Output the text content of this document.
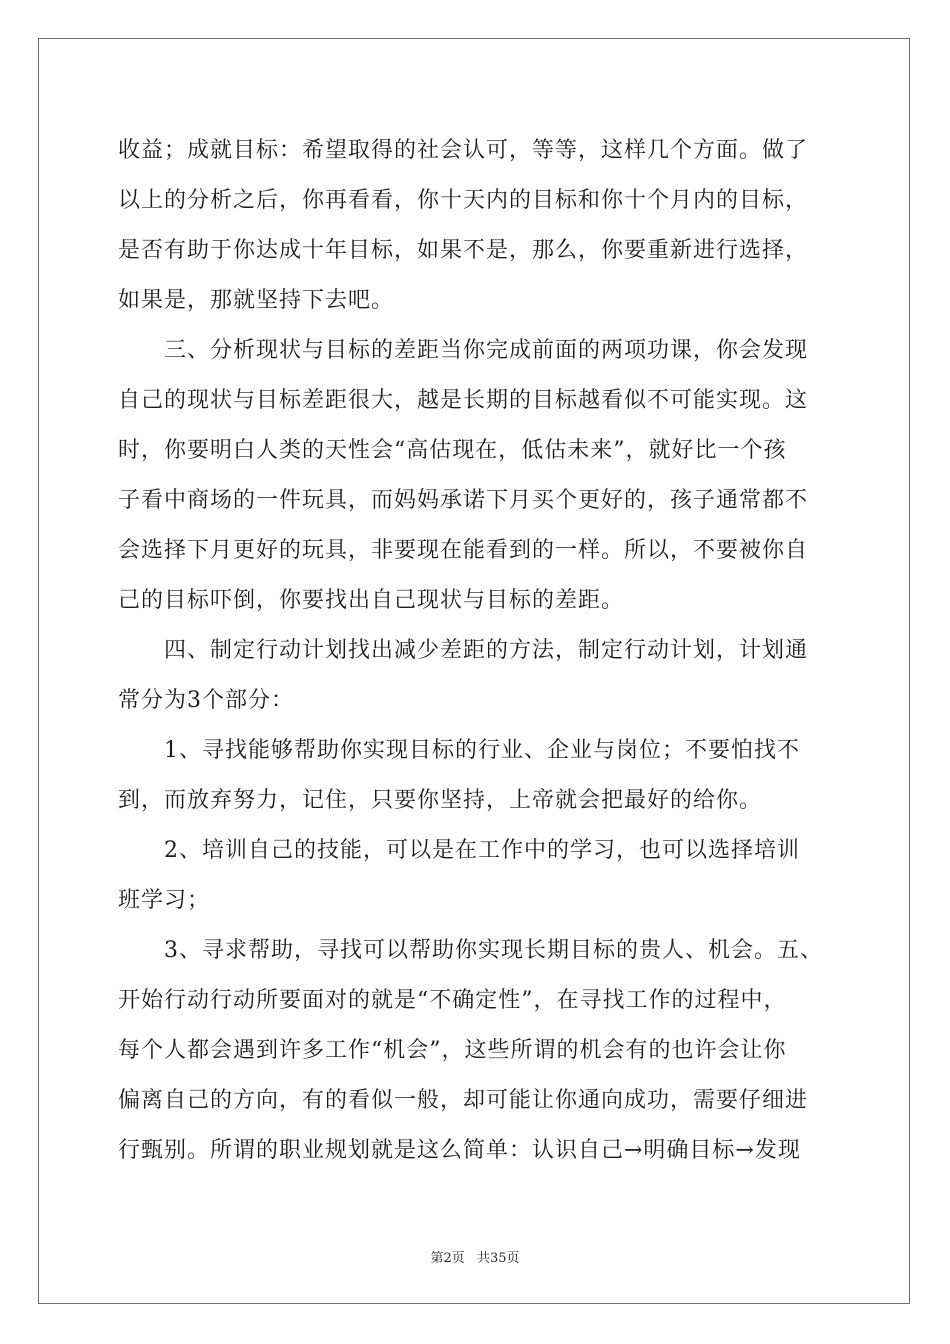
收益；成就目标：希望取得的社会认可，等等，这样几个方面。做了
以上的分析之后，你再看看，你十天内的目标和你十个月内的目标，
是否有助于你达成十年目标，如果不是，那么，你要重新进行选择，
如果是，那就坚持下去吧。
　　三、分析现状与目标的差距当你完成前面的两项功课，你会发现
自己的现状与目标差距很大，越是长期的目标越看似不可能实现。这
时，你要明白人类的天性会“高估现在，低估未来”，就好比一个孩
子看中商场的一件玩具，而妈妈承诺下月买个更好的，孩子通常都不
会选择下月更好的玩具，非要现在能看到的一样。所以，不要被你自
己的目标吓倒，你要找出自己现状与目标的差距。
　　四、制定行动计划找出减少差距的方法，制定行动计划，计划通
常分为3个部分：
　　1、寻找能够帮助你实现目标的行业、企业与岗位；不要怕找不
到，而放弃努力，记住，只要你坚持，上帝就会把最好的给你。
　　2、培训自己的技能，可以是在工作中的学习，也可以选择培训
班学习；
　　3、寻求帮助，寻找可以帮助你实现长期目标的贵人、机会。五、
开始行动行动所要面对的就是“不确定性”，在寻找工作的过程中，
每个人都会遇到许多工作“机会”，这些所谓的机会有的也许会让你
偏离自己的方向，有的看似一般，却可能让你通向成功，需要仔细进
行甄别。所谓的职业规划就是这么简单：认识自己→明确目标→发现
第2页 共35页
